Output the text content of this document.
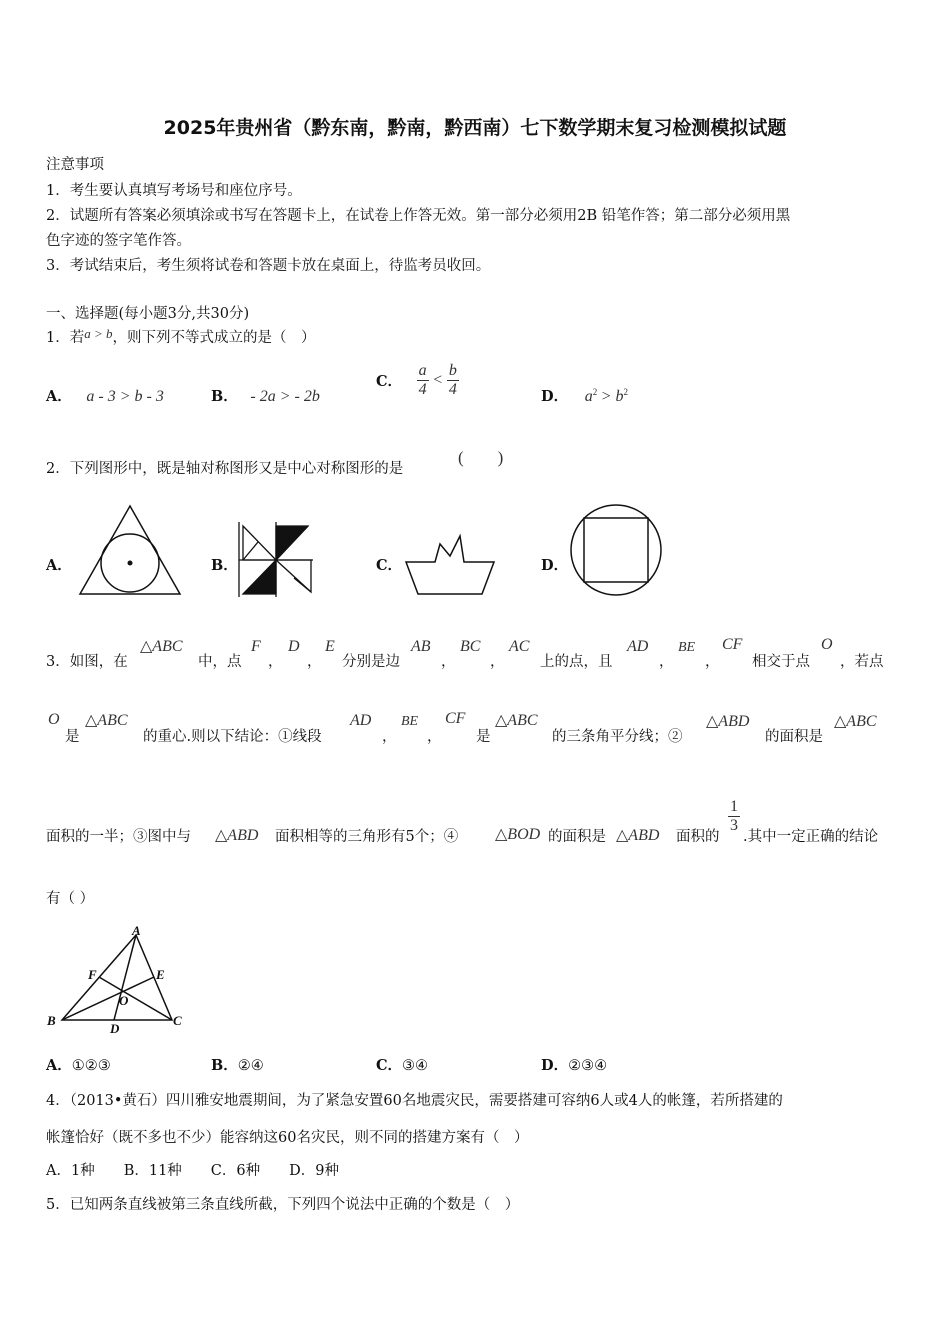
2025年贵州省（黔东南，黔南，黔西南）七下数学期末复习检测模拟试题
注意事项
1．考生要认真填写考场号和座位序号。
2．试题所有答案必须填涂或书写在答题卡上，在试卷上作答无效。第一部分必须用2B 铅笔作答；第二部分必须用黑
色字迹的签字笔作答。
3．考试结束后，考生须将试卷和答题卡放在桌面上，待监考员收回。
一、选择题(每小题3分,共30分)
1．若a > b，则下列不等式成立的是（　）
A． a - 3 > b - 3	B． - 2a > - 2b
C． $\frac{a}{4} < \frac{b}{4}$	D． $a^2 > b^2$
2．下列图形中，既是轴对称图形又是中心对称图形的是
(　　)
A．	B．	C．	D．
3．如图，在
△ABC
中，点
F
，
D
，
E
分别是边
AB
，
BC
，
AC
上的点，且
AD
，
BE
，
CF
相交于点
O
，若点
O
是
△ABC
的重心.则以下结论：①线段
AD
，
BE
，
CF
是
△ABC
的三条角平分线；②
△ABD
的面积是
△ABC
面积的一半；③图中与 △ABD 面积相等的三角形有5个；④ △BOD 的面积是 △ABD 面积的
$\frac{1}{3}$
.其中一定正确的结论
有（ ）
A
B	C
D
E
F
O
A．①②③	B．②④	C．③④	D．②③④
4．（2013•黄石）四川雅安地震期间，为了紧急安置60名地震灾民，需要搭建可容纳6人或4人的帐篷，若所搭建的
帐篷恰好（既不多也不少）能容纳这60名灾民，则不同的搭建方案有（　）
A．1种　　B．11种　　C．6种　　D．9种
5．已知两条直线被第三条直线所截，下列四个说法中正确的个数是（　）
